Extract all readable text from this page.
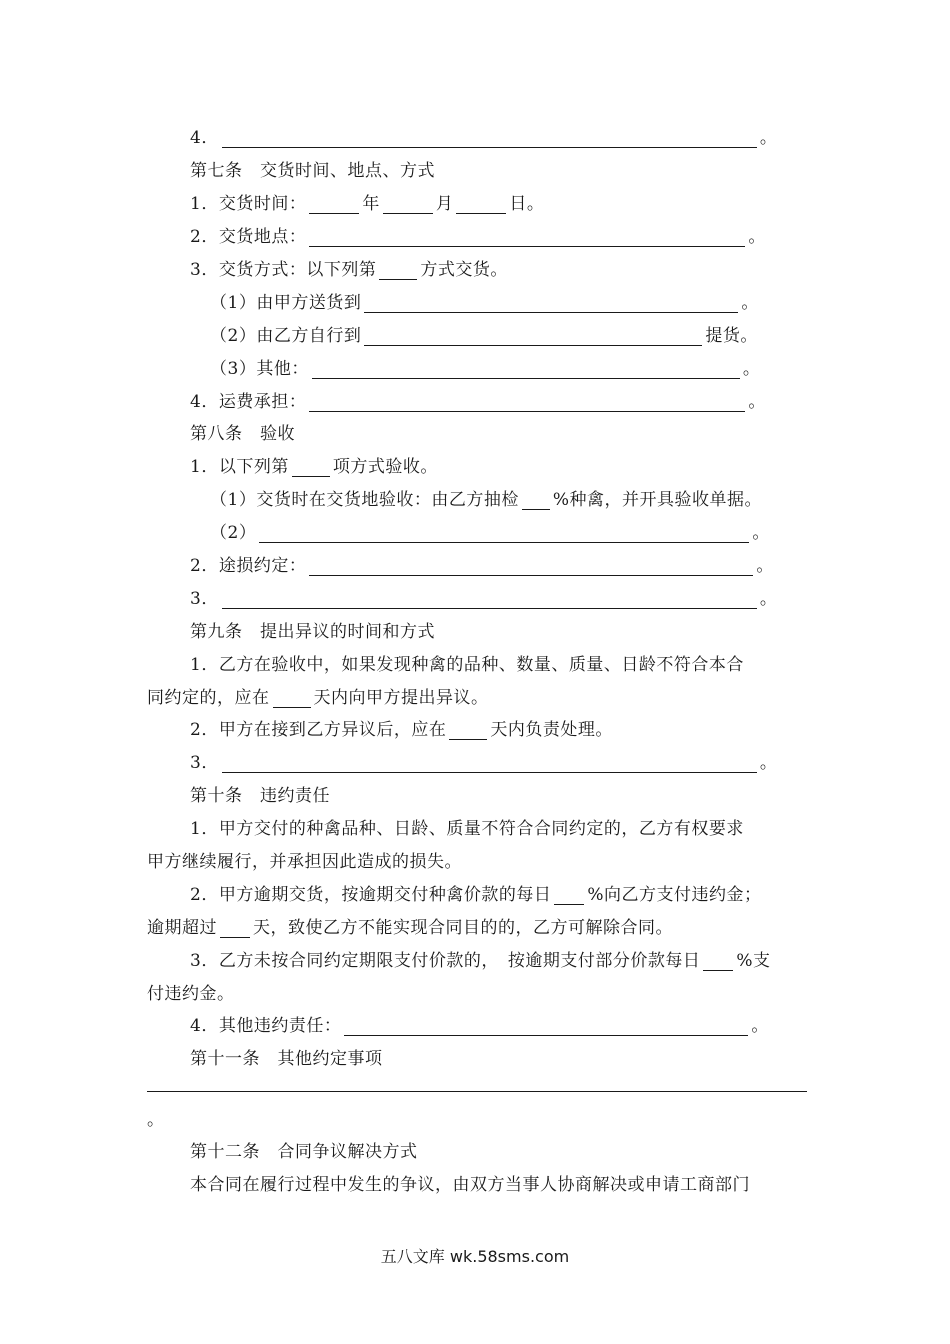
4．	。
第七条　交货时间、地点、方式
1．交货时间：	年	月	日。
2．交货地点：	。
3．交货方式：以下列第	方式交货。
（1）由甲方送货到	。
（2）由乙方自行到	提货。
（3）其他：	。
4．运费承担：	。
第八条　验收
1．以下列第	项方式验收。
（1）交货时在交货地验收：由乙方抽检 %种禽，并开具验收单据。
（2）	。
2．途损约定：	。
3．	。
第九条　提出异议的时间和方式
1．乙方在验收中，如果发现种禽的品种、数量、质量、日龄不符合本合
同约定的，应在	天内向甲方提出异议。
2．甲方在接到乙方异议后，应在	天内负责处理。
3．	。
第十条　违约责任
1．甲方交付的种禽品种、日龄、质量不符合合同约定的，乙方有权要求
甲方继续履行，并承担因此造成的损失。
2．甲方逾期交货，按逾期交付种禽价款的每日 %向乙方支付违约金；
逾期超过 天，致使乙方不能实现合同目的的，乙方可解除合同。
3．乙方未按合同约定期限支付价款的，　按逾期支付部分价款每日 %支
付违约金。
4．其他违约责任：	。
第十一条　其他约定事项
。
第十二条　合同争议解决方式
本合同在履行过程中发生的争议，由双方当事人协商解决或申请工商部门
五八文库 wk.58sms.com
